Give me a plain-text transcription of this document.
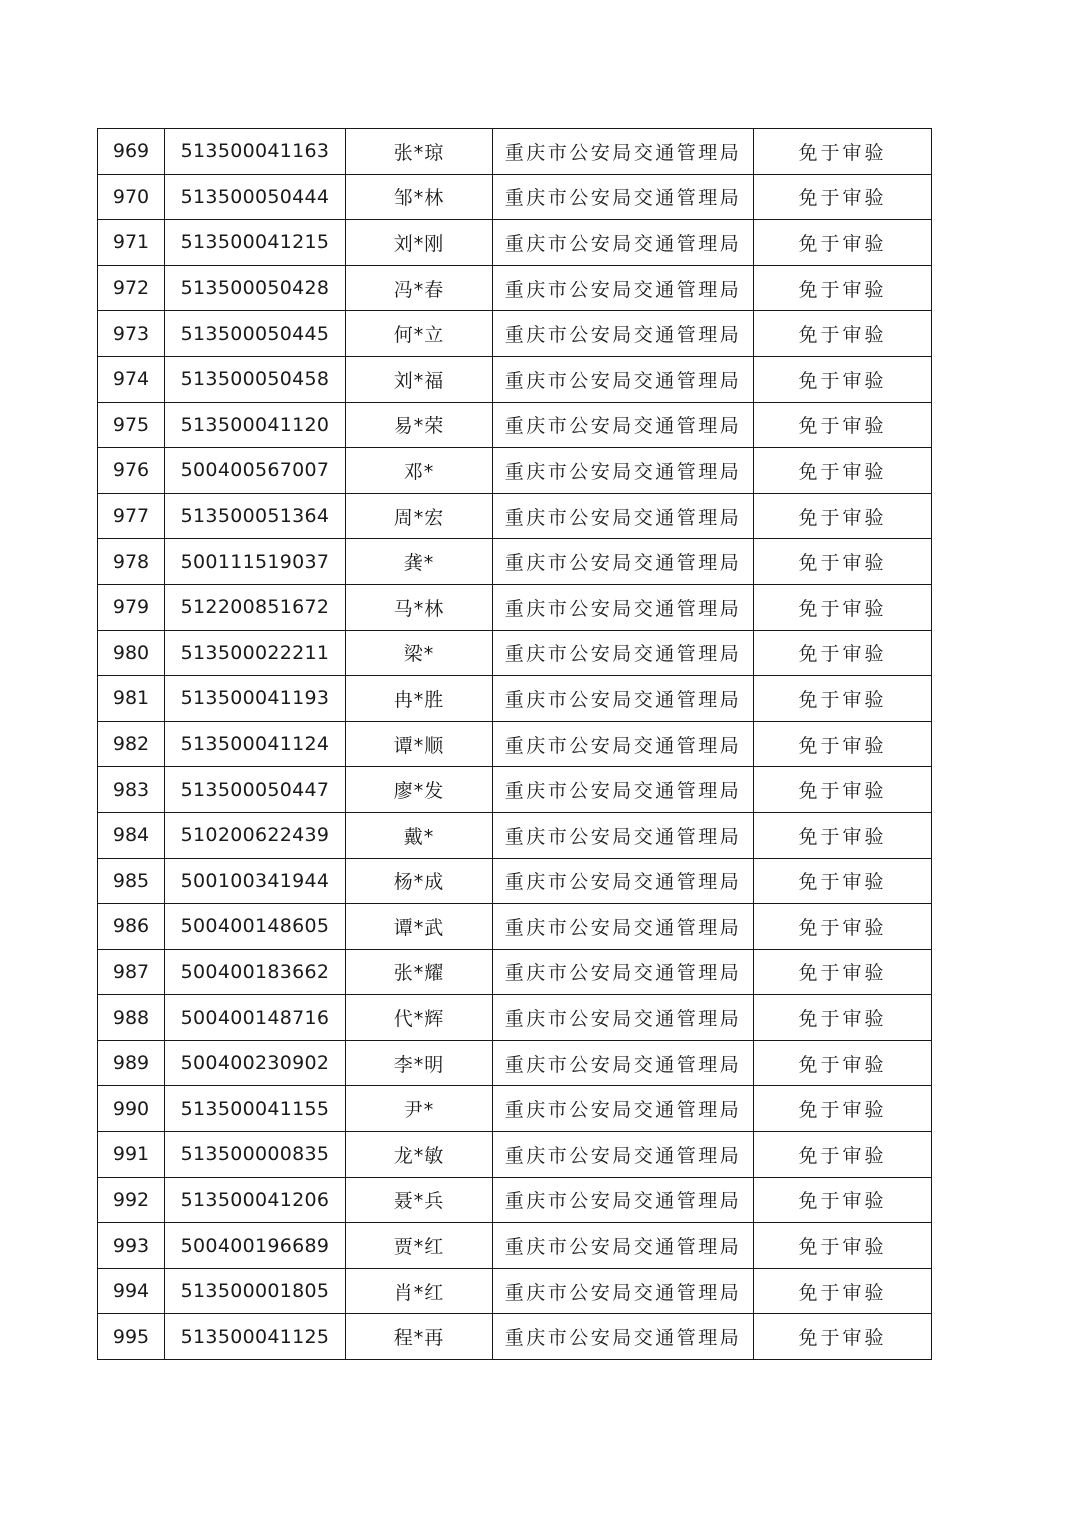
969	513500041163	张*琼	重庆市公安局交通管理局	免于审验
970	513500050444	邹*林	重庆市公安局交通管理局	免于审验
971	513500041215	刘*刚	重庆市公安局交通管理局	免于审验
972	513500050428	冯*春	重庆市公安局交通管理局	免于审验
973	513500050445	何*立	重庆市公安局交通管理局	免于审验
974	513500050458	刘*福	重庆市公安局交通管理局	免于审验
975	513500041120	易*荣	重庆市公安局交通管理局	免于审验
976	500400567007	邓*	重庆市公安局交通管理局	免于审验
977	513500051364	周*宏	重庆市公安局交通管理局	免于审验
978	500111519037	龚*	重庆市公安局交通管理局	免于审验
979	512200851672	马*林	重庆市公安局交通管理局	免于审验
980	513500022211	梁*	重庆市公安局交通管理局	免于审验
981	513500041193	冉*胜	重庆市公安局交通管理局	免于审验
982	513500041124	谭*顺	重庆市公安局交通管理局	免于审验
983	513500050447	廖*发	重庆市公安局交通管理局	免于审验
984	510200622439	戴*	重庆市公安局交通管理局	免于审验
985	500100341944	杨*成	重庆市公安局交通管理局	免于审验
986	500400148605	谭*武	重庆市公安局交通管理局	免于审验
987	500400183662	张*耀	重庆市公安局交通管理局	免于审验
988	500400148716	代*辉	重庆市公安局交通管理局	免于审验
989	500400230902	李*明	重庆市公安局交通管理局	免于审验
990	513500041155	尹*	重庆市公安局交通管理局	免于审验
991	513500000835	龙*敏	重庆市公安局交通管理局	免于审验
992	513500041206	聂*兵	重庆市公安局交通管理局	免于审验
993	500400196689	贾*红	重庆市公安局交通管理局	免于审验
994	513500001805	肖*红	重庆市公安局交通管理局	免于审验
995	513500041125	程*再	重庆市公安局交通管理局	免于审验
